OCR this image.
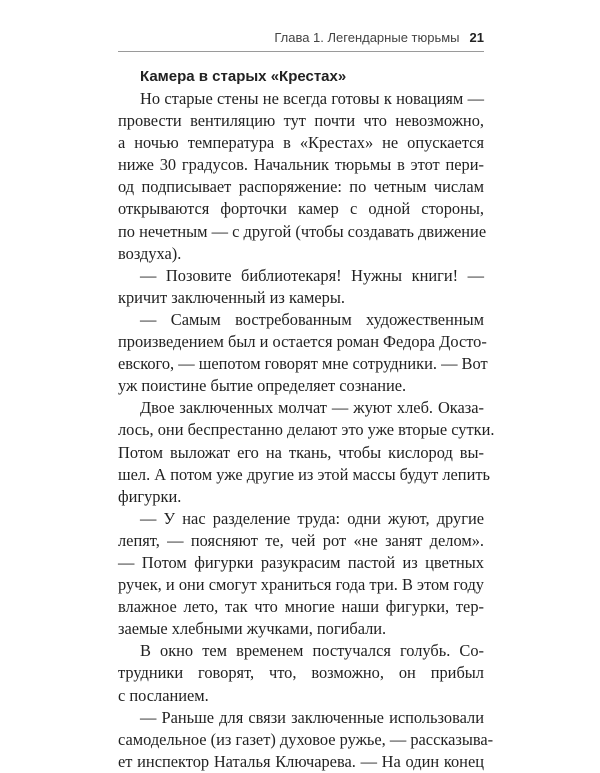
Глава 1. Легендарные тюрьмы 21

Камера в старых «Крестах»

Но старые стены не всегда готовы к новациям —
провести вентиляцию тут почти что невозможно,
а ночью температура в «Крестах» не опускается
ниже 30 градусов. Начальник тюрьмы в этот пери-
од подписывает распоряжение: по четным числам
открываются форточки камер с одной стороны,
по нечетным — с другой (чтобы создавать движение
воздуха).
— Позовите библиотекаря! Нужны книги! —
кричит заключенный из камеры.
— Самым востребованным художественным
произведением был и остается роман Федора Досто-
евского, — шепотом говорят мне сотрудники. — Вот
уж поистине бытие определяет сознание.
Двое заключенных молчат — жуют хлеб. Оказа-
лось, они беспрестанно делают это уже вторые сутки.
Потом выложат его на ткань, чтобы кислород вы-
шел. А потом уже другие из этой массы будут лепить
фигурки.
— У нас разделение труда: одни жуют, другие
лепят, — поясняют те, чей рот «не занят делом».
— Потом фигурки разукрасим пастой из цветных
ручек, и они смогут храниться года три. В этом году
влажное лето, так что многие наши фигурки, тер-
заемые хлебными жучками, погибали.
В окно тем временем постучался голубь. Со-
трудники говорят, что, возможно, он прибыл
с посланием.
— Раньше для связи заключенные использовали
самодельное (из газет) духовое ружье, — рассказыва-
ет инспектор Наталья Ключарева. — На один конец
